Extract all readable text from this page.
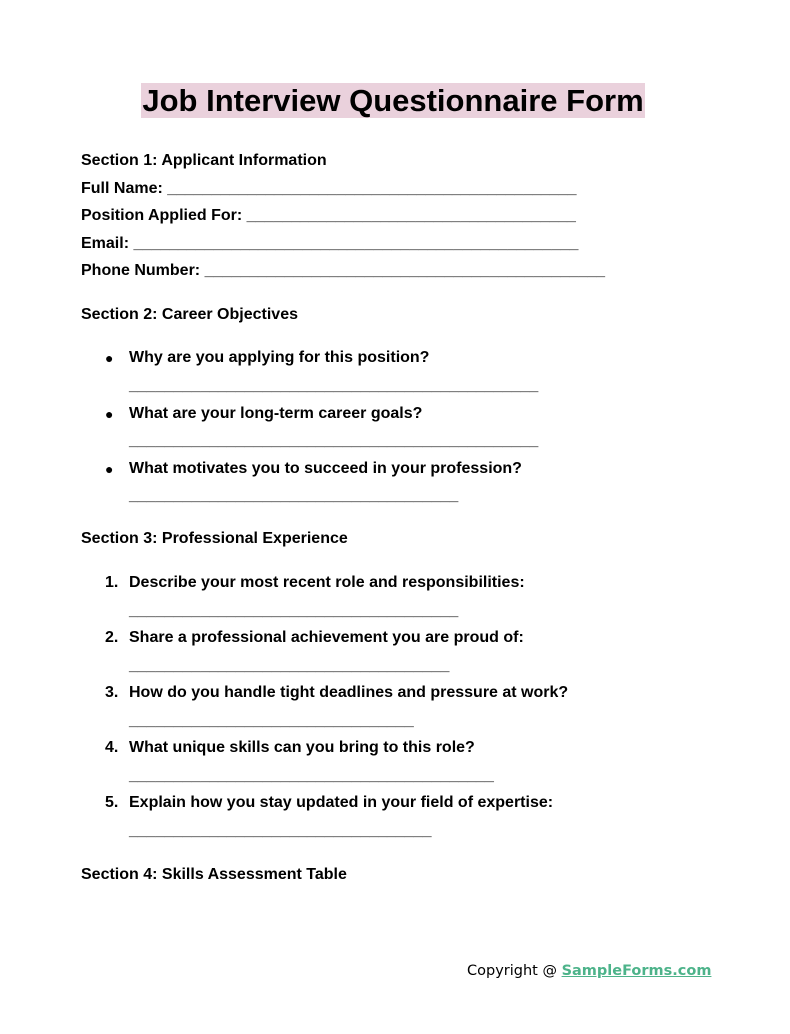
Job Interview Questionnaire Form
Section 1: Applicant Information
Full Name: ______________________________________________
Position Applied For: _____________________________________
Email: __________________________________________________
Phone Number: _____________________________________________
Section 2: Career Objectives
● Why are you applying for this position?
______________________________________________
● What are your long-term career goals?
______________________________________________
● What motivates you to succeed in your profession?
_____________________________________
Section 3: Professional Experience
1. Describe your most recent role and responsibilities:
_____________________________________
2. Share a professional achievement you are proud of:
____________________________________
3. How do you handle tight deadlines and pressure at work?
________________________________
4. What unique skills can you bring to this role?
_________________________________________
5. Explain how you stay updated in your field of expertise:
__________________________________
Section 4: Skills Assessment Table
Copyright @ SampleForms.com
